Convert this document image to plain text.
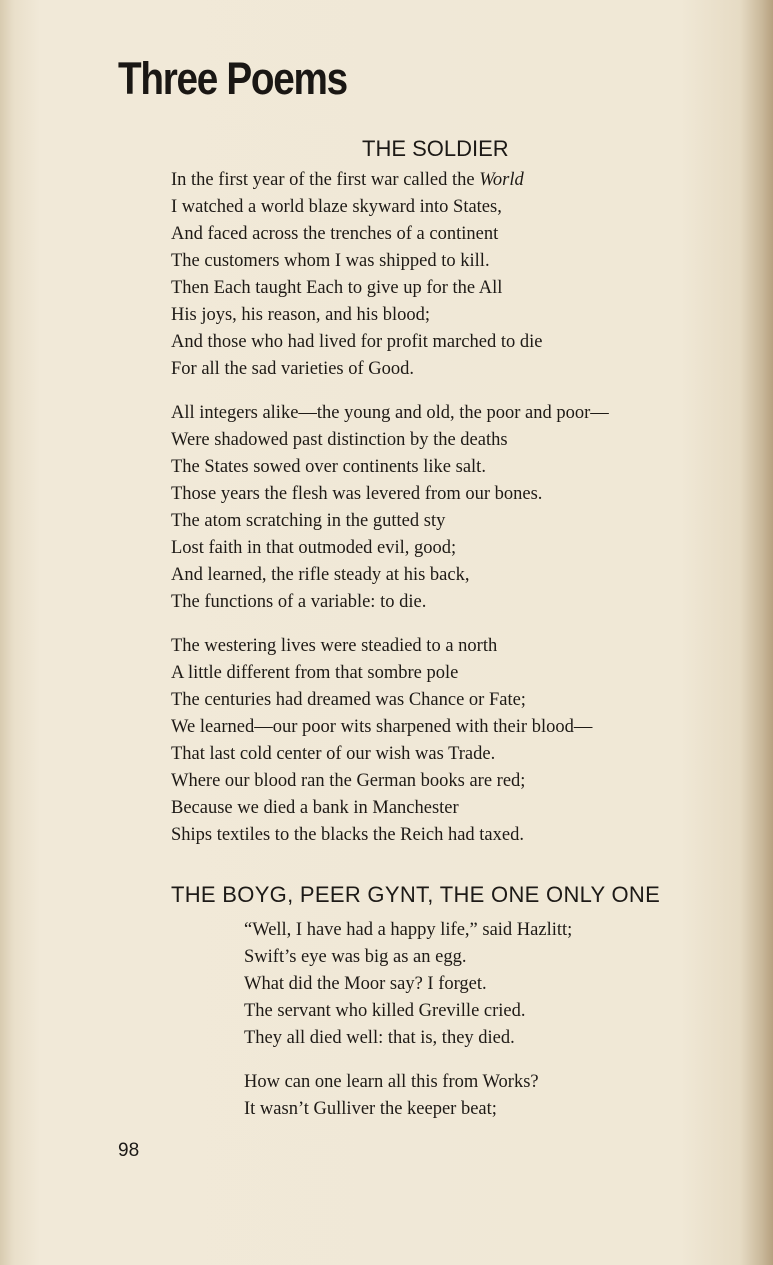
Three Poems
THE SOLDIER
In the first year of the first war called the World
I watched a world blaze skyward into States,
And faced across the trenches of a continent
The customers whom I was shipped to kill.
Then Each taught Each to give up for the All
His joys, his reason, and his blood;
And those who had lived for profit marched to die
For all the sad varieties of Good.
All integers alike—the young and old, the poor and poor—
Were shadowed past distinction by the deaths
The States sowed over continents like salt.
Those years the flesh was levered from our bones.
The atom scratching in the gutted sty
Lost faith in that outmoded evil, good;
And learned, the rifle steady at his back,
The functions of a variable: to die.
The westering lives were steadied to a north
A little different from that sombre pole
The centuries had dreamed was Chance or Fate;
We learned—our poor wits sharpened with their blood—
That last cold center of our wish was Trade.
Where our blood ran the German books are red;
Because we died a bank in Manchester
Ships textiles to the blacks the Reich had taxed.
THE BOYG, PEER GYNT, THE ONE ONLY ONE
“Well, I have had a happy life,” said Hazlitt;
Swift’s eye was big as an egg.
What did the Moor say? I forget.
The servant who killed Greville cried.
They all died well: that is, they died.
How can one learn all this from Works?
It wasn’t Gulliver the keeper beat;
98
